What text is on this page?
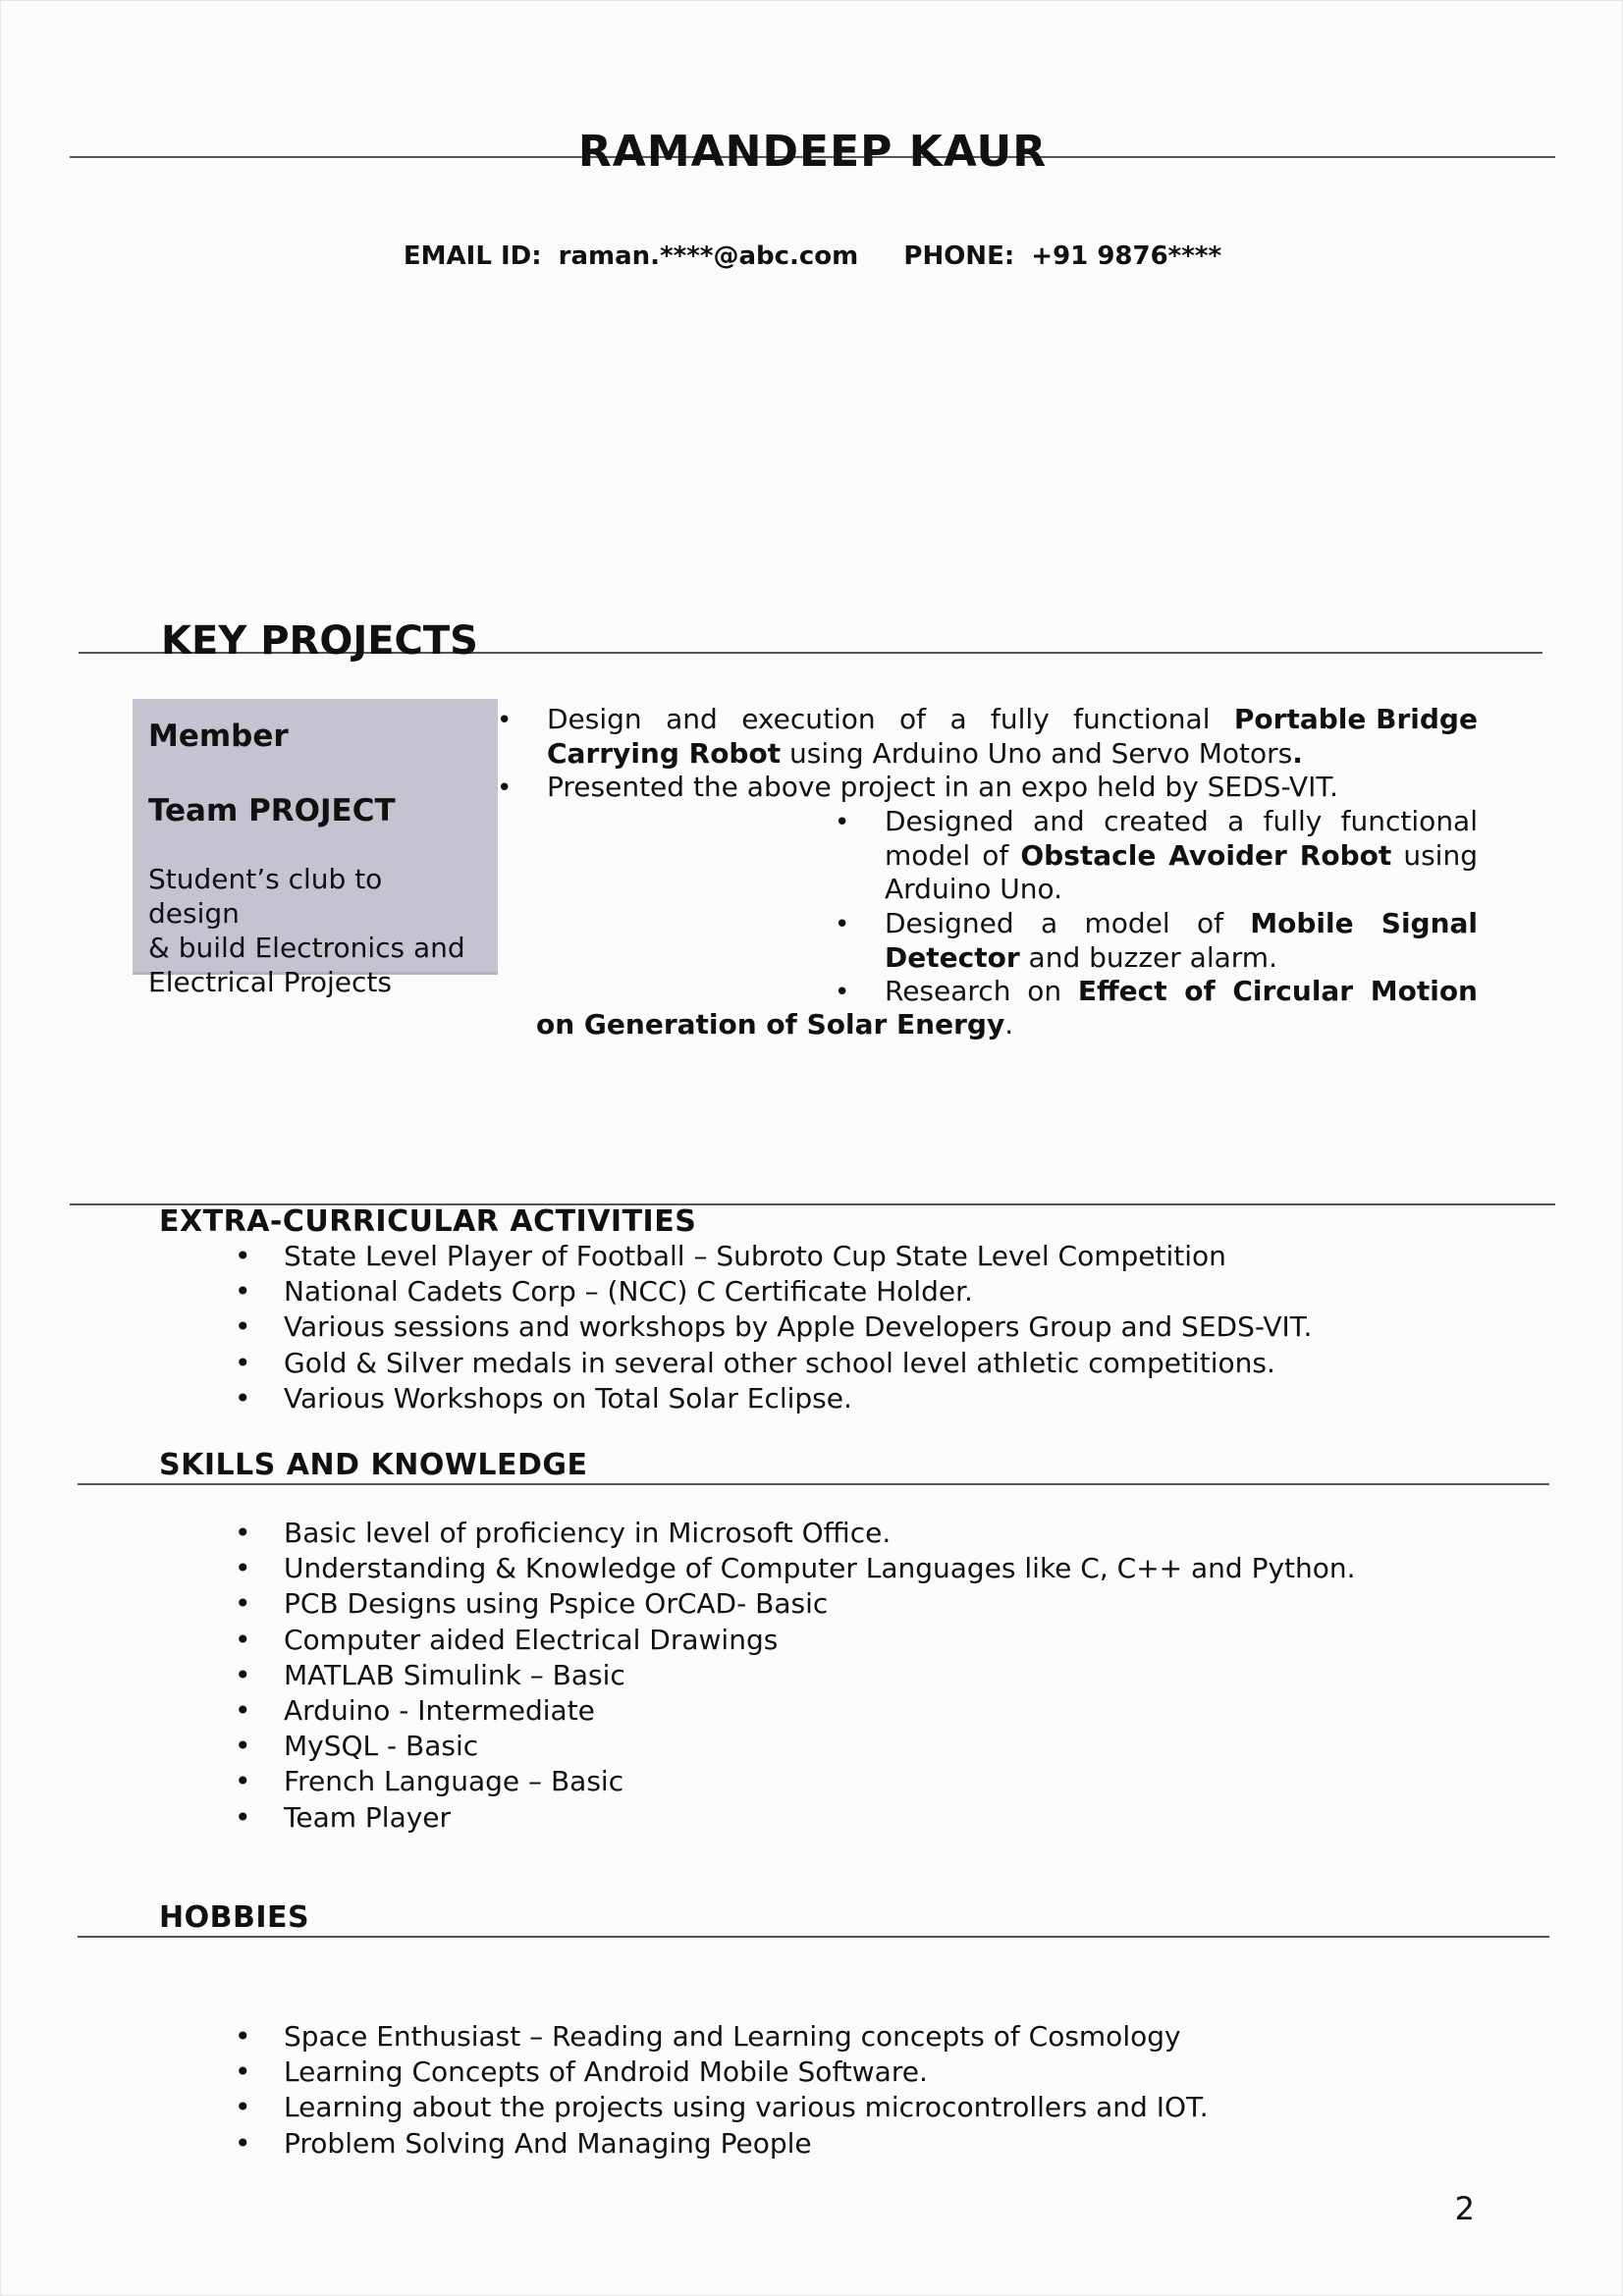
RAMANDEEP KAUR
EMAIL ID: raman.****@abc.com PHONE: +91 9876****
KEY PROJECTS
Member
Team PROJECT
Student’s club to design
& build Electronics and
Electrical Projects
• Design and execution of a fully functional Portable Bridge
Carrying Robot using Arduino Uno and Servo Motors.
• Presented the above project in an expo held by SEDS-VIT.
• Designed and created a fully functional
model of Obstacle Avoider Robot using
Arduino Uno.
• Designed a model of Mobile Signal
Detector and buzzer alarm.
• Research on Effect of Circular Motion
on Generation of Solar Energy.
EXTRA-CURRICULAR ACTIVITIES
• State Level Player of Football – Subroto Cup State Level Competition
• National Cadets Corp – (NCC) C Certificate Holder.
• Various sessions and workshops by Apple Developers Group and SEDS-VIT.
• Gold & Silver medals in several other school level athletic competitions.
• Various Workshops on Total Solar Eclipse.
SKILLS AND KNOWLEDGE
• Basic level of proficiency in Microsoft Office.
• Understanding & Knowledge of Computer Languages like C, C++ and Python.
• PCB Designs using Pspice OrCAD- Basic
• Computer aided Electrical Drawings
• MATLAB Simulink – Basic
• Arduino - Intermediate
• MySQL - Basic
• French Language – Basic
• Team Player
HOBBIES
• Space Enthusiast – Reading and Learning concepts of Cosmology
• Learning Concepts of Android Mobile Software.
• Learning about the projects using various microcontrollers and IOT.
• Problem Solving And Managing People
2
